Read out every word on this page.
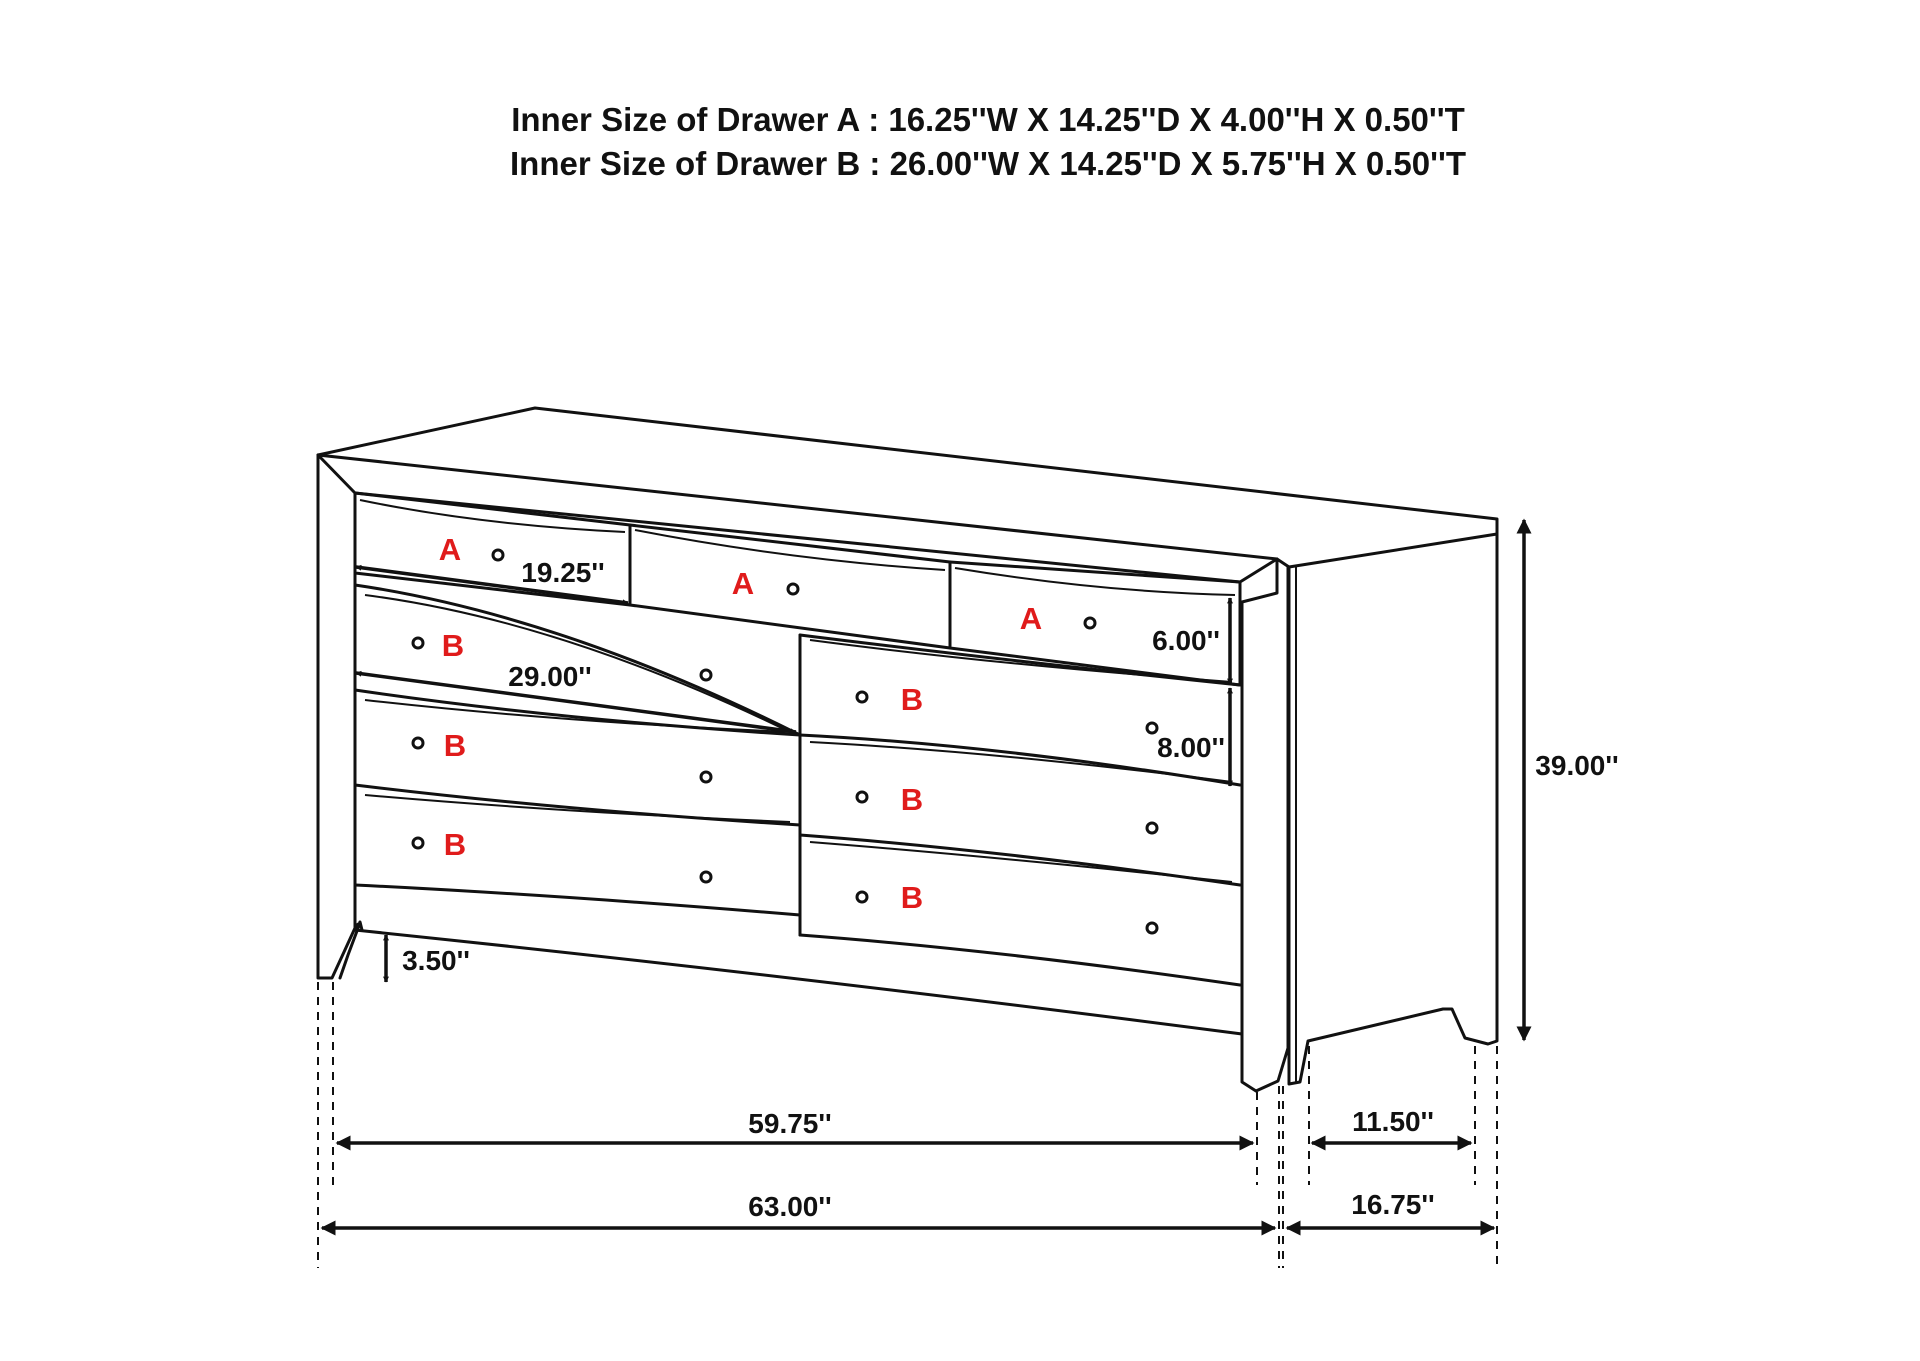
Inner Size of Drawer A : 16.25''W X 14.25''D X 4.00''H X 0.50''T
Inner Size of Drawer B : 26.00''W X 14.25''D X 5.75''H X 0.50''T
A
A
A
B
B
B
B
B
B
19.25''
29.00''
6.00''
8.00''
3.50''
39.00''
59.75''
63.00''
11.50''
16.75''
